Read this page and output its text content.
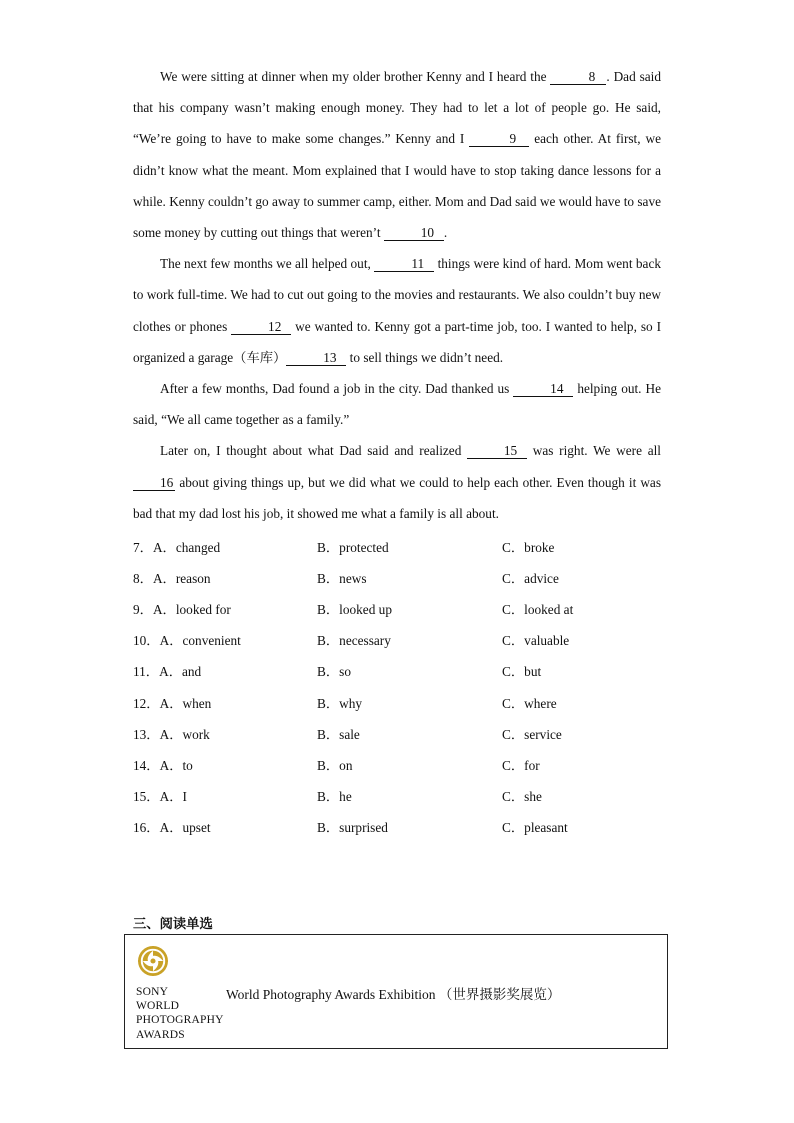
We were sitting at dinner when my older brother Kenny and I heard the	8 . Dad said that his company wasn’t making enough money. They had to let a lot of people go. He said, “We’re going to have to make some changes.” Kenny and I	9 each other. At first, we didn’t know what the meant. Mom explained that I would have to stop taking dance lessons for a while. Kenny couldn’t go away to summer camp, either. Mom and Dad said we would have to save some money by cutting out things that weren’t	10 .

The next few months we all helped out,	11 things were kind of hard. Mom went back to work full-time. We had to cut out going to the movies and restaurants. We also couldn’t buy new clothes or phones	12 we wanted to. Kenny got a part-time job, too. I wanted to help, so I organized a garage（车库）	13 to sell things we didn’t need.

After a few months, Dad found a job in the city. Dad thanked us	14 helping out. He said, “We all came together as a family.”

Later on, I thought about what Dad said and realized	15 was right. We were all 16 about giving things up, but we did what we could to help each other. Even though it was bad that my dad lost his job, it showed me what a family is all about.

7．A．changed	B．protected	C．broke
8．A．reason	B．news	C．advice
9．A．looked for	B．looked up	C．looked at
10．A．convenient	B．necessary	C．valuable
11．A．and	B．so	C．but
12．A．when	B．why	C．where
13．A．work	B．sale	C．service
14．A．to	B．on	C．for
15．A．I	B．he	C．she
16．A．upset	B．surprised	C．pleasant
三、阅读单选
SONY
WORLD
PHOTOGRAPHY
AWARDS
World Photography Awards Exhibition （世界摄影奖展览）
